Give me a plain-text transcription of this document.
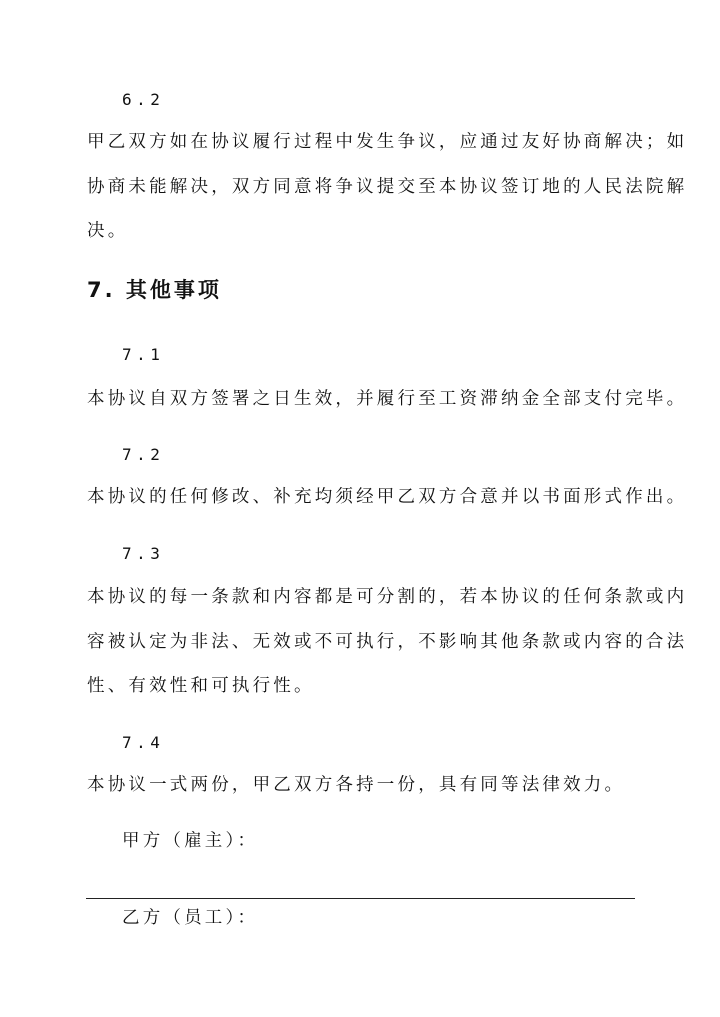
6.2
甲乙双方如在协议履行过程中发生争议，应通过友好协商解决；如
协商未能解决，双方同意将争议提交至本协议签订地的人民法院解
决。
7. 其他事项
7.1
本协议自双方签署之日生效，并履行至工资滞纳金全部支付完毕。
7.2
本协议的任何修改、补充均须经甲乙双方合意并以书面形式作出。
7.3
本协议的每一条款和内容都是可分割的，若本协议的任何条款或内
容被认定为非法、无效或不可执行，不影响其他条款或内容的合法
性、有效性和可执行性。
7.4
本协议一式两份，甲乙双方各持一份，具有同等法律效力。
甲方（雇主）：
乙方（员工）：
